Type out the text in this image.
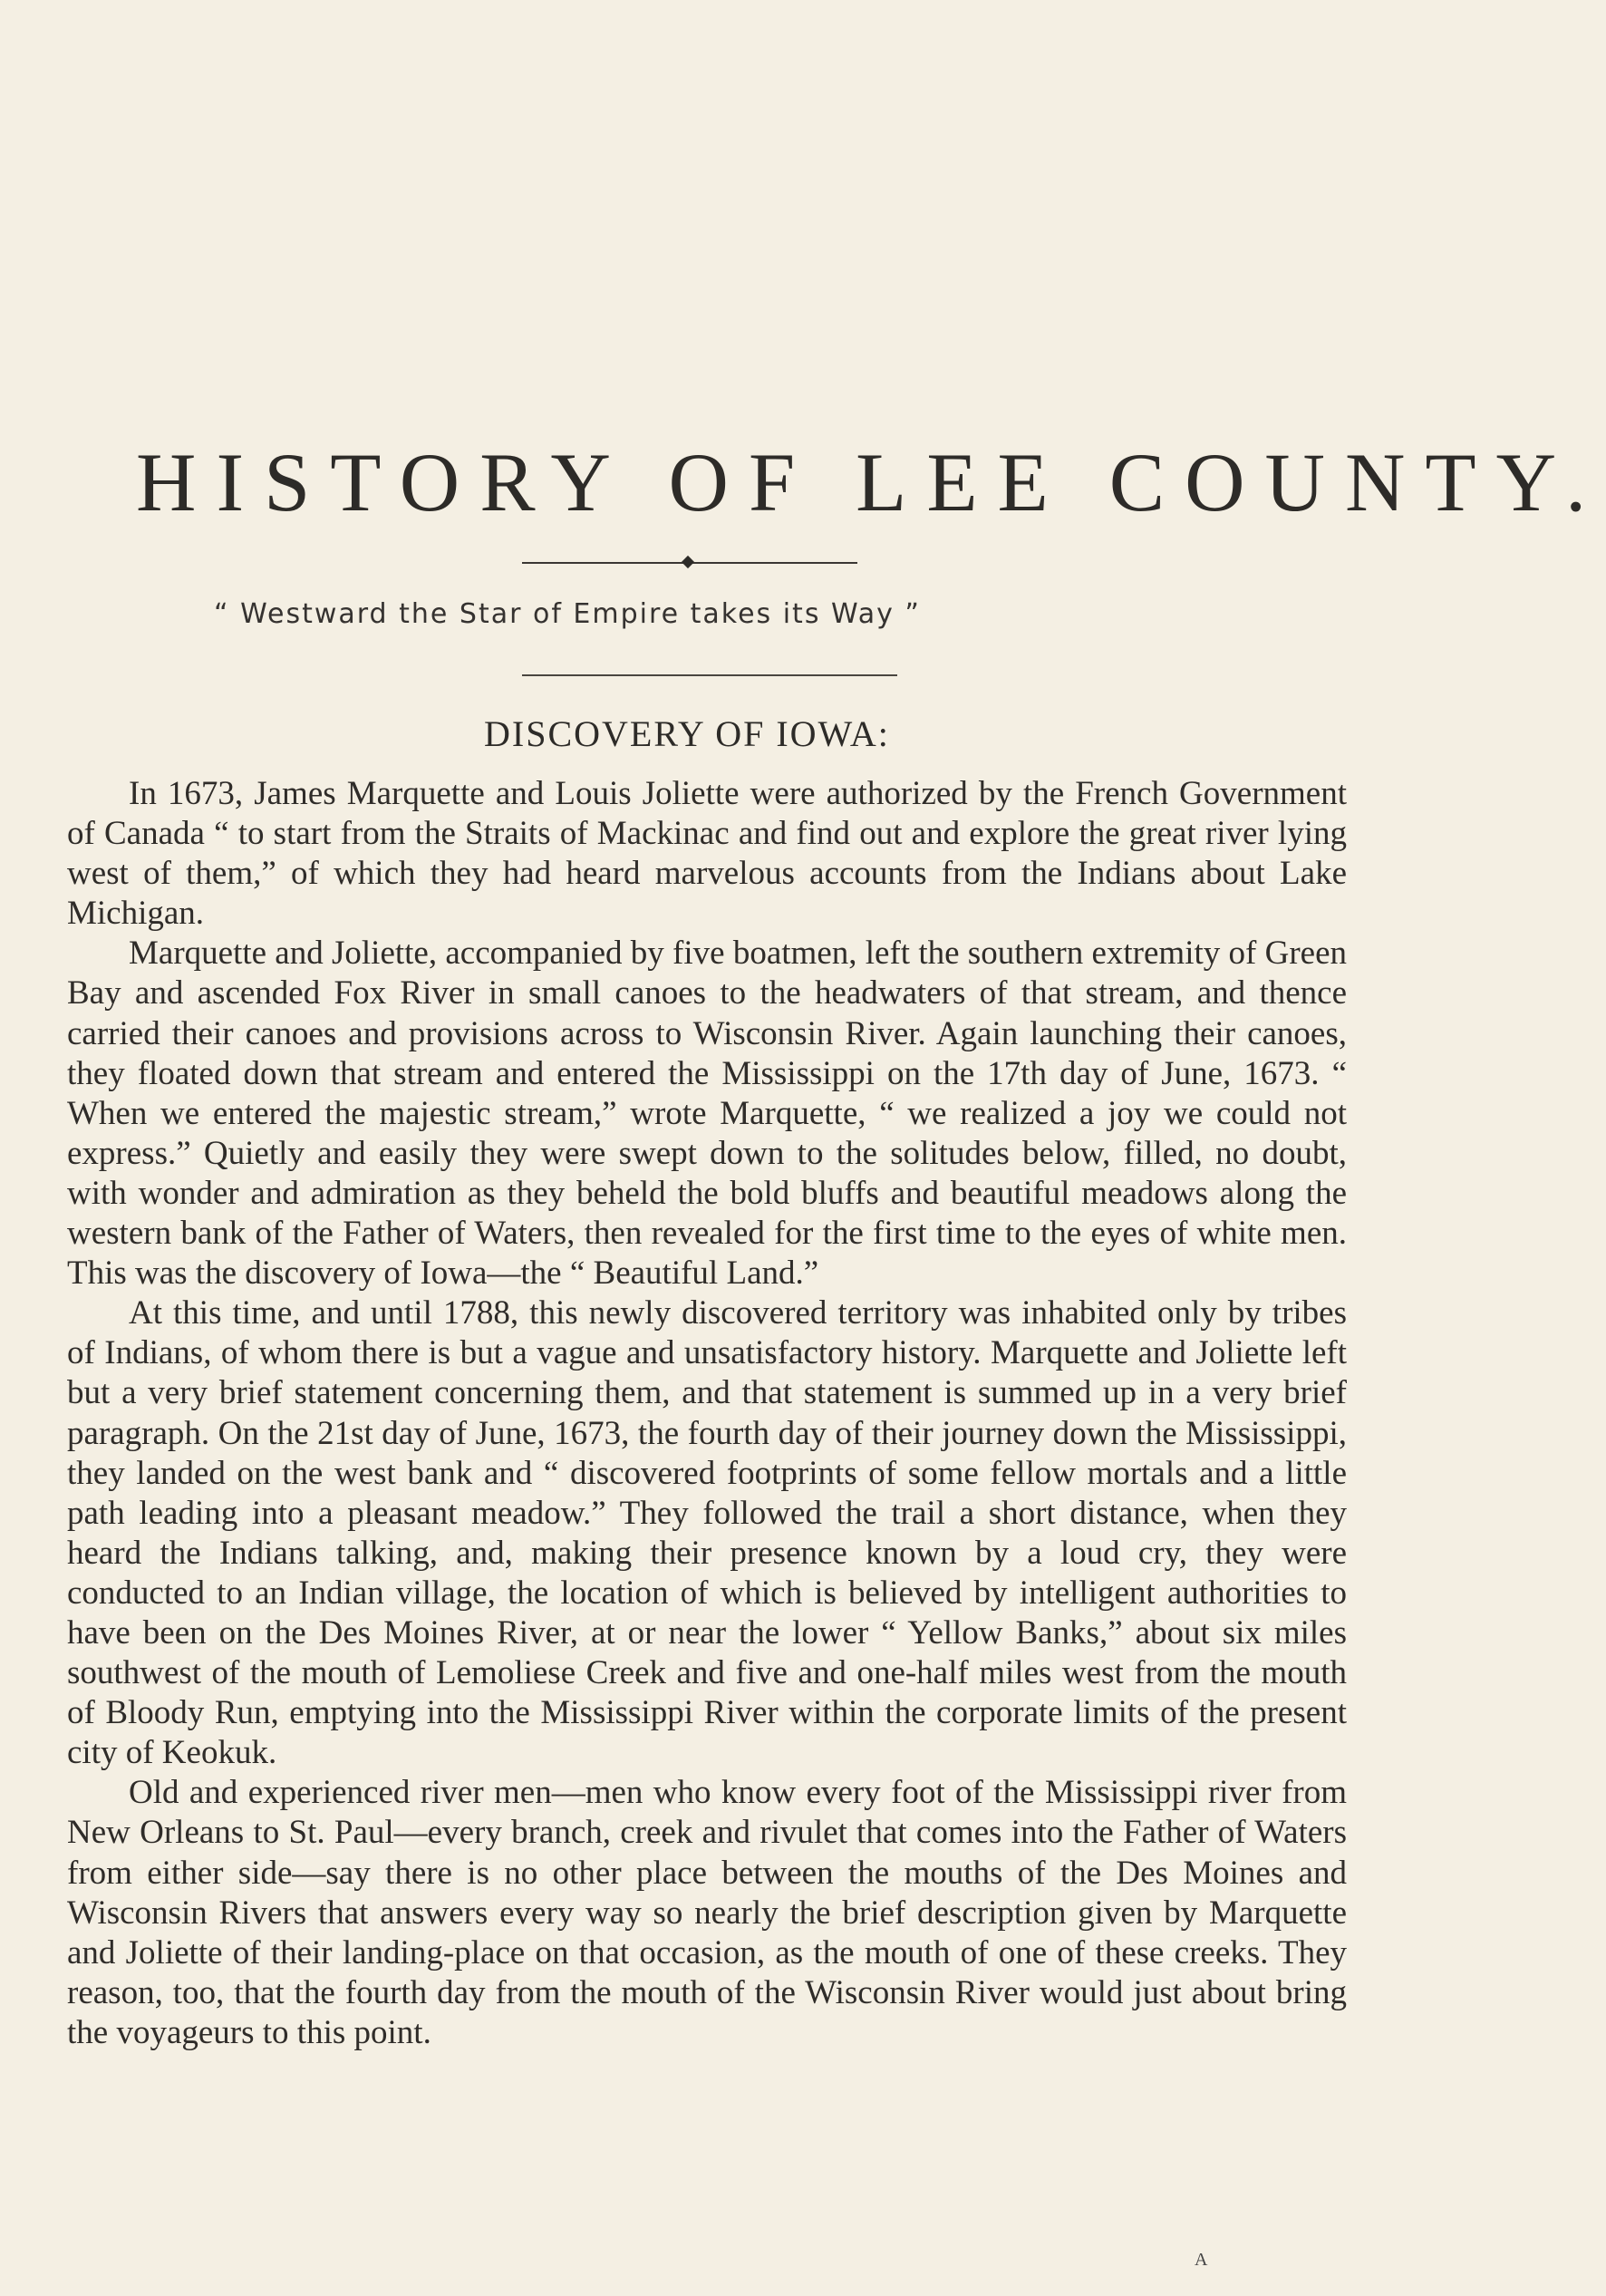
HISTORY OF LEE COUNTY.

“ Westward the Star of Empire takes its Way ”

DISCOVERY OF IOWA:

In 1673, James Marquette and Louis Joliette were authorized by the French Government of Canada “ to start from the Straits of Mackinac and find out and explore the great river lying west of them,” of which they had heard marvelous accounts from the Indians about Lake Michigan.

Marquette and Joliette, accompanied by five boatmen, left the southern extremity of Green Bay and ascended Fox River in small canoes to the headwaters of that stream, and thence carried their canoes and provisions across to Wisconsin River. Again launching their canoes, they floated down that stream and entered the Mississippi on the 17th day of June, 1673. “ When we entered the majestic stream,” wrote Marquette, “ we realized a joy we could not express.” Quietly and easily they were swept down to the solitudes below, filled, no doubt, with wonder and admiration as they beheld the bold bluffs and beautiful meadows along the western bank of the Father of Waters, then revealed for the first time to the eyes of white men. This was the discovery of Iowa—the “ Beautiful Land.”

At this time, and until 1788, this newly discovered territory was inhabited only by tribes of Indians, of whom there is but a vague and unsatisfactory history. Marquette and Joliette left but a very brief statement concerning them, and that statement is summed up in a very brief paragraph. On the 21st day of June, 1673, the fourth day of their journey down the Mississippi, they landed on the west bank and “ discovered footprints of some fellow mortals and a little path leading into a pleasant meadow.” They followed the trail a short distance, when they heard the Indians talking, and, making their presence known by a loud cry, they were conducted to an Indian village, the location of which is believed by intelligent authorities to have been on the Des Moines River, at or near the lower “ Yellow Banks,” about six miles southwest of the mouth of Lemoliese Creek and five and one-half miles west from the mouth of Bloody Run, emptying into the Mississippi River within the corporate limits of the present city of Keokuk.

Old and experienced river men—men who know every foot of the Mississippi river from New Orleans to St. Paul—every branch, creek and rivulet that comes into the Father of Waters from either side—say there is no other place between the mouths of the Des Moines and Wisconsin Rivers that answers every way so nearly the brief description given by Marquette and Joliette of their landing-place on that occasion, as the mouth of one of these creeks. They reason, too, that the fourth day from the mouth of the Wisconsin River would just about bring the voyageurs to this point.

A
